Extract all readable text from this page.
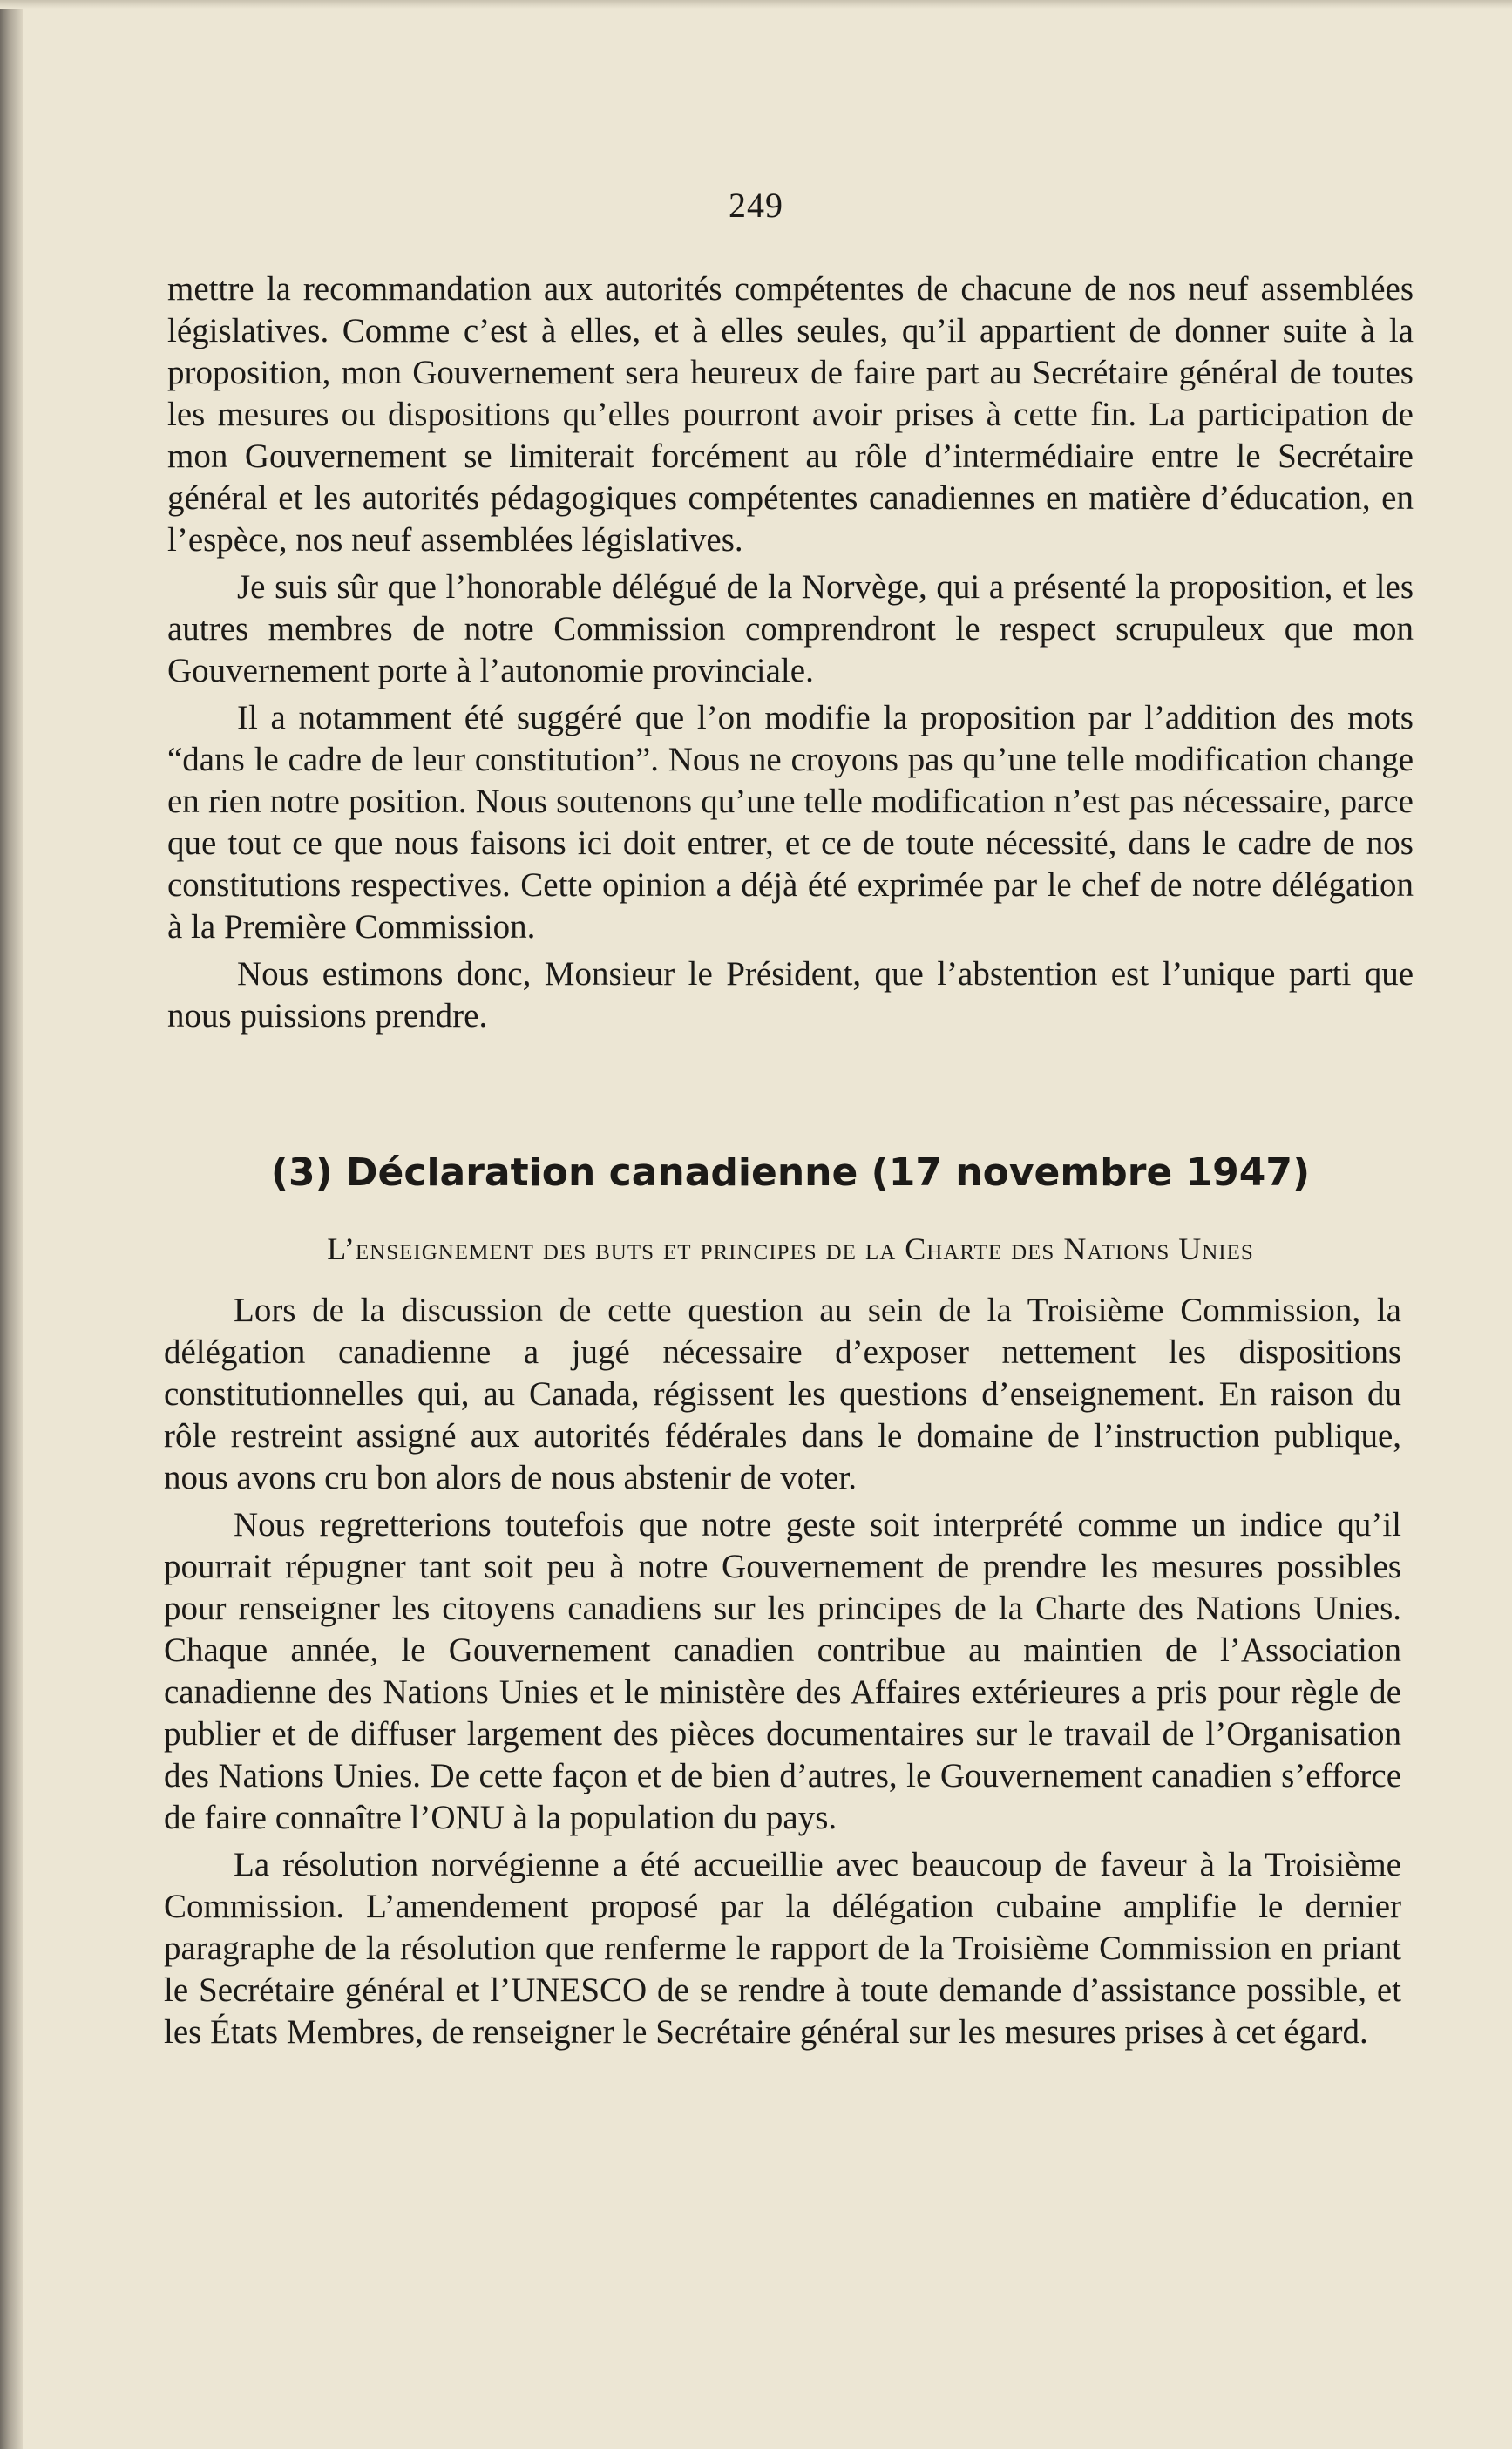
249

mettre la recommandation aux autorités compétentes de chacune de nos neuf assemblées législatives. Comme c’est à elles, et à elles seules, qu’il appartient de donner suite à la proposition, mon Gouvernement sera heureux de faire part au Secrétaire général de toutes les mesures ou dispositions qu’elles pourront avoir prises à cette fin. La participation de mon Gouvernement se limiterait forcément au rôle d’intermédiaire entre le Secrétaire général et les autorités pédagogiques compétentes canadiennes en matière d’éducation, en l’espèce, nos neuf assemblées législatives.

Je suis sûr que l’honorable délégué de la Norvège, qui a présenté la proposition, et les autres membres de notre Commission comprendront le respect scrupuleux que mon Gouvernement porte à l’autonomie provinciale.

Il a notamment été suggéré que l’on modifie la proposition par l’addition des mots “dans le cadre de leur constitution”. Nous ne croyons pas qu’une telle modification change en rien notre position. Nous soutenons qu’une telle modification n’est pas nécessaire, parce que tout ce que nous faisons ici doit entrer, et ce de toute nécessité, dans le cadre de nos constitutions respectives. Cette opinion a déjà été exprimée par le chef de notre délégation à la Première Commission.

Nous estimons donc, Monsieur le Président, que l’abstention est l’unique parti que nous puissions prendre.

(3) Déclaration canadienne (17 novembre 1947)
L’enseignement des buts et principes de la Charte des Nations Unies

Lors de la discussion de cette question au sein de la Troisième Commission, la délégation canadienne a jugé nécessaire d’exposer nettement les dispositions constitutionnelles qui, au Canada, régissent les questions d’enseignement. En raison du rôle restreint assigné aux autorités fédérales dans le domaine de l’instruction publique, nous avons cru bon alors de nous abstenir de voter.

Nous regretterions toutefois que notre geste soit interprété comme un indice qu’il pourrait répugner tant soit peu à notre Gouvernement de prendre les mesures possibles pour renseigner les citoyens canadiens sur les principes de la Charte des Nations Unies. Chaque année, le Gouvernement canadien contribue au maintien de l’Association canadienne des Nations Unies et le ministère des Affaires extérieures a pris pour règle de publier et de diffuser largement des pièces documentaires sur le travail de l’Organisation des Nations Unies. De cette façon et de bien d’autres, le Gouvernement canadien s’efforce de faire connaître l’ONU à la population du pays.

La résolution norvégienne a été accueillie avec beaucoup de faveur à la Troisième Commission. L’amendement proposé par la délégation cubaine amplifie le dernier paragraphe de la résolution que renferme le rapport de la Troisième Commission en priant le Secrétaire général et l’UNESCO de se rendre à toute demande d’assistance possible, et les États Membres, de renseigner le Secrétaire général sur les mesures prises à cet égard.
